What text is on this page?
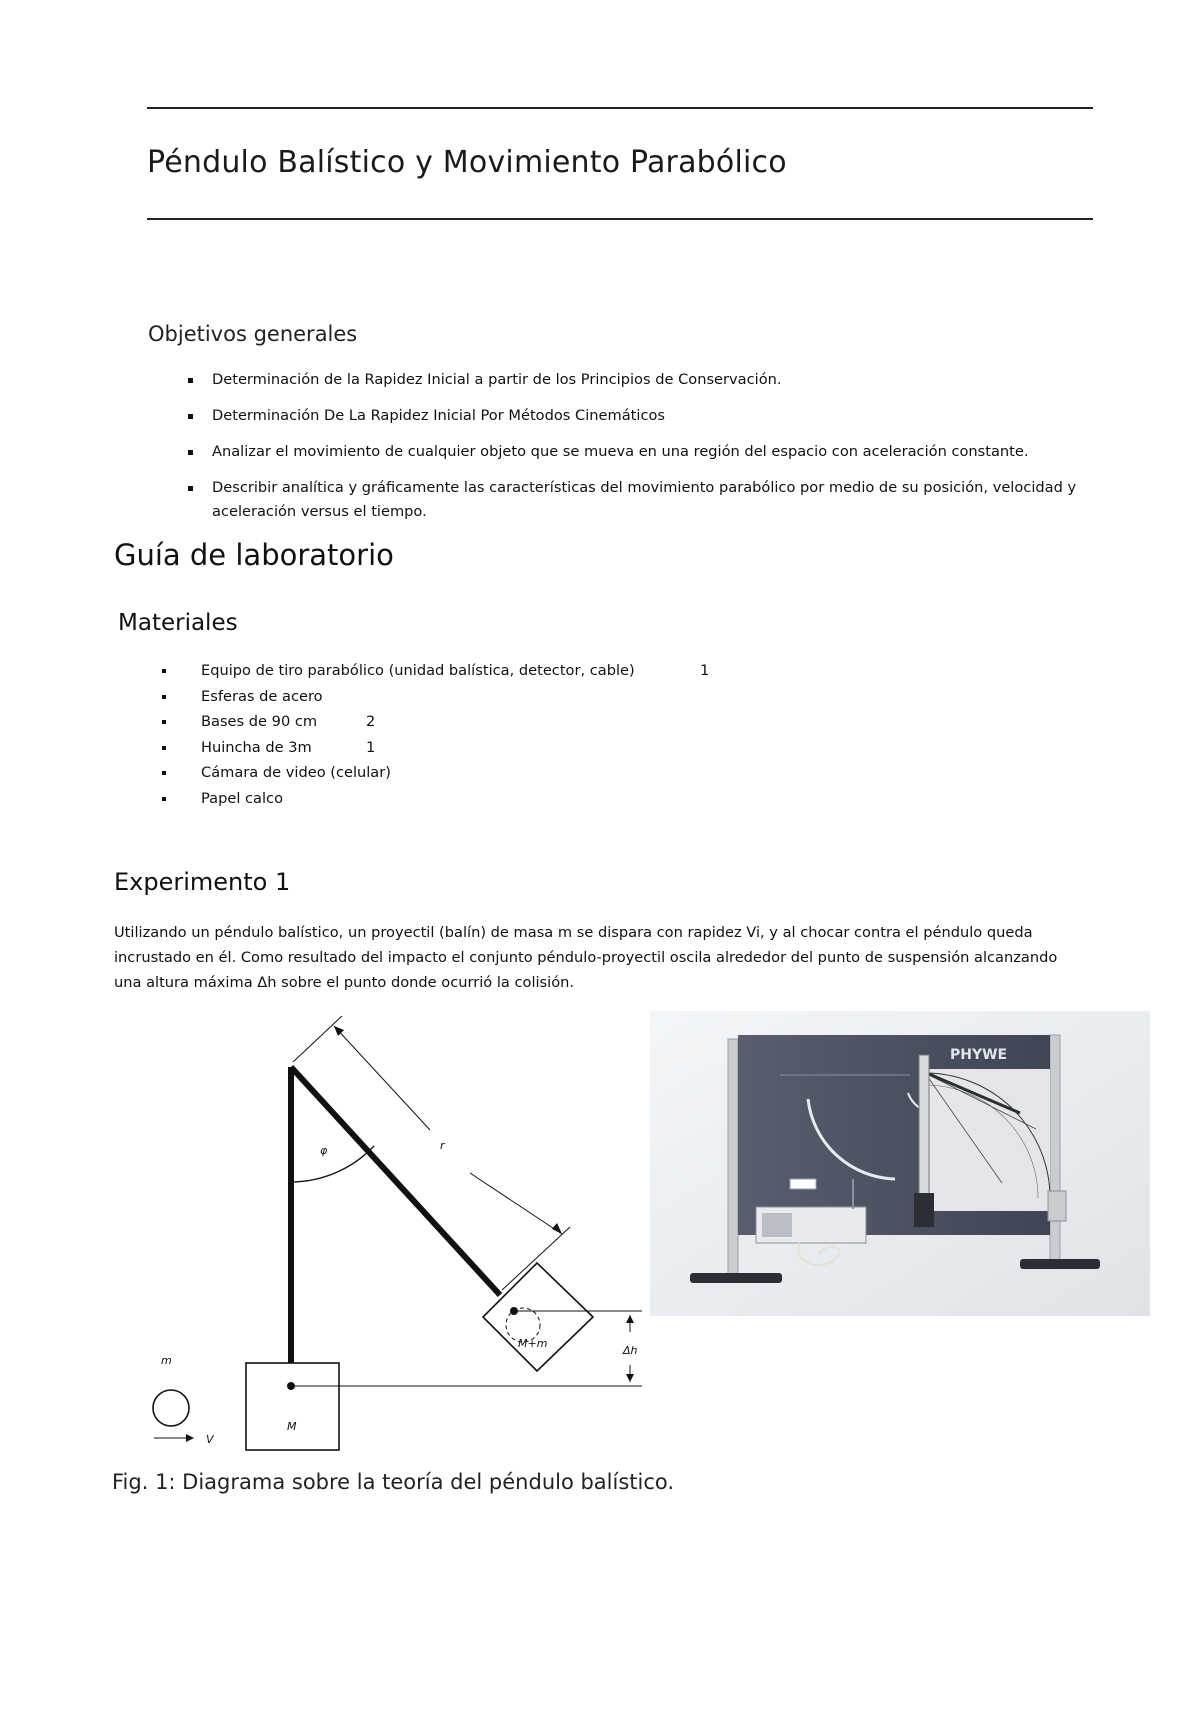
Péndulo Balístico y Movimiento Parabólico
Objetivos generales
Determinación de la Rapidez Inicial a partir de los Principios de Conservación.
Determinación De La Rapidez Inicial Por Métodos Cinemáticos
Analizar el movimiento de cualquier objeto que se mueva en una región del espacio con aceleración constante.
Describir analítica y gráficamente las características del movimiento parabólico por medio de su posición, velocidad y aceleración versus el tiempo.
Guía de laboratorio
Materiales
Equipo de tiro parabólico (unidad balística, detector, cable)	1
Esferas de acero
Bases de 90 cm	2
Huincha de 3m	1
Cámara de video (celular)
Papel calco
Experimento 1

Utilizando un péndulo balístico, un proyectil (balín) de masa m se dispara con rapidez Vi, y al chocar contra el péndulo queda incrustado en él. Como resultado del impacto el conjunto péndulo-proyectil oscila alrededor del punto de suspensión alcanzando una altura máxima Δh sobre el punto donde ocurrió la colisión.

φ	r
M+m
M
Δh
m
V
PHYWE
Fig. 1: Diagrama sobre la teoría del péndulo balístico.
